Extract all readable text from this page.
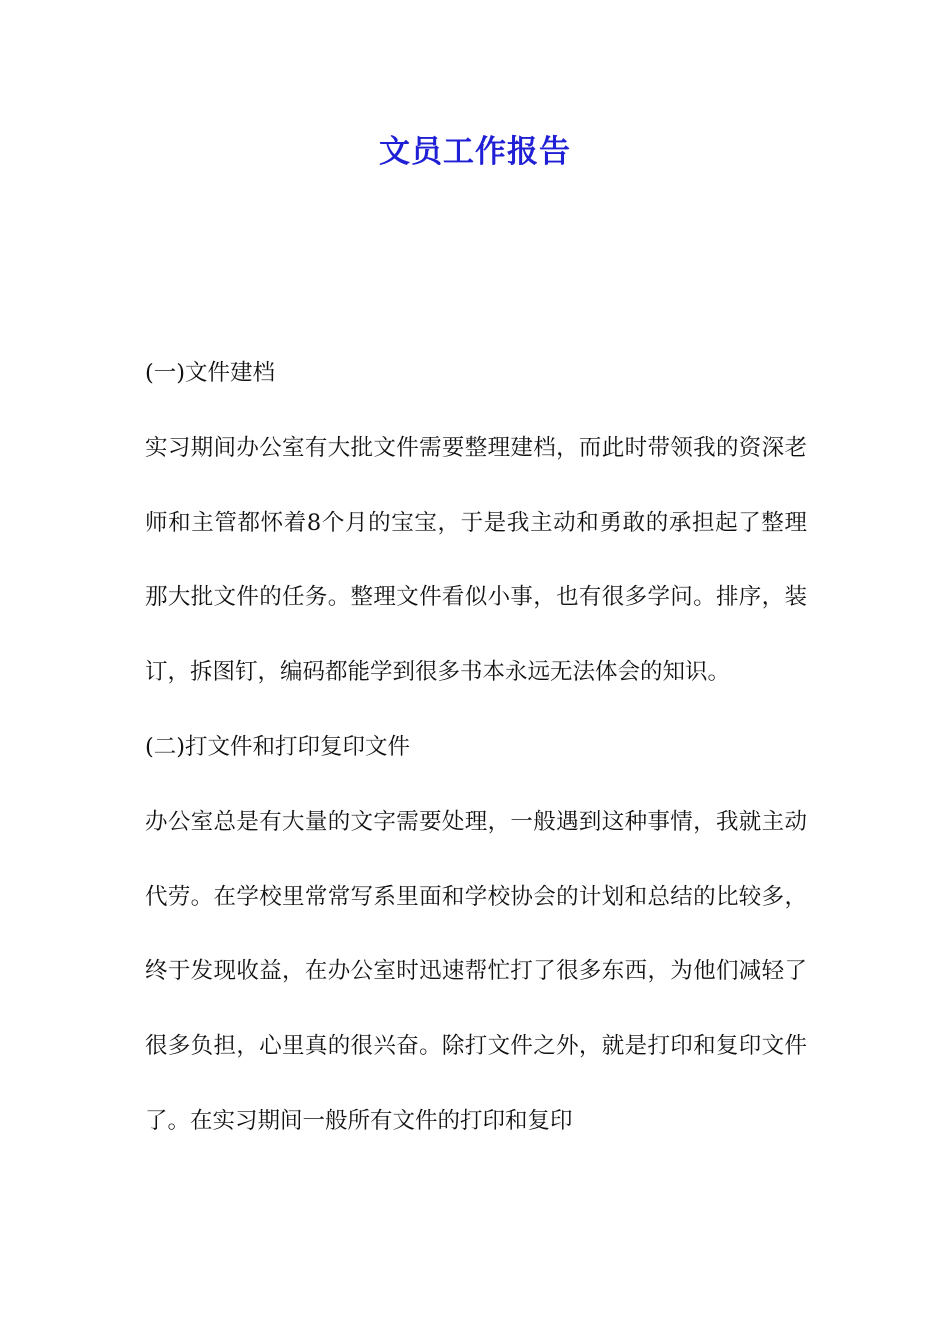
文员工作报告

(一)文件建档

实习期间办公室有大批文件需要整理建档，而此时带领我的资深老师和主管都怀着8个月的宝宝，于是我主动和勇敢的承担起了整理那大批文件的任务。整理文件看似小事，也有很多学问。排序，装订，拆图钉，编码都能学到很多书本永远无法体会的知识。

(二)打文件和打印复印文件

办公室总是有大量的文字需要处理，一般遇到这种事情，我就主动代劳。在学校里常常写系里面和学校协会的计划和总结的比较多，终于发现收益，在办公室时迅速帮忙打了很多东西，为他们减轻了很多负担，心里真的很兴奋。除打文件之外，就是打印和复印文件了。在实习期间一般所有文件的打印和复印
